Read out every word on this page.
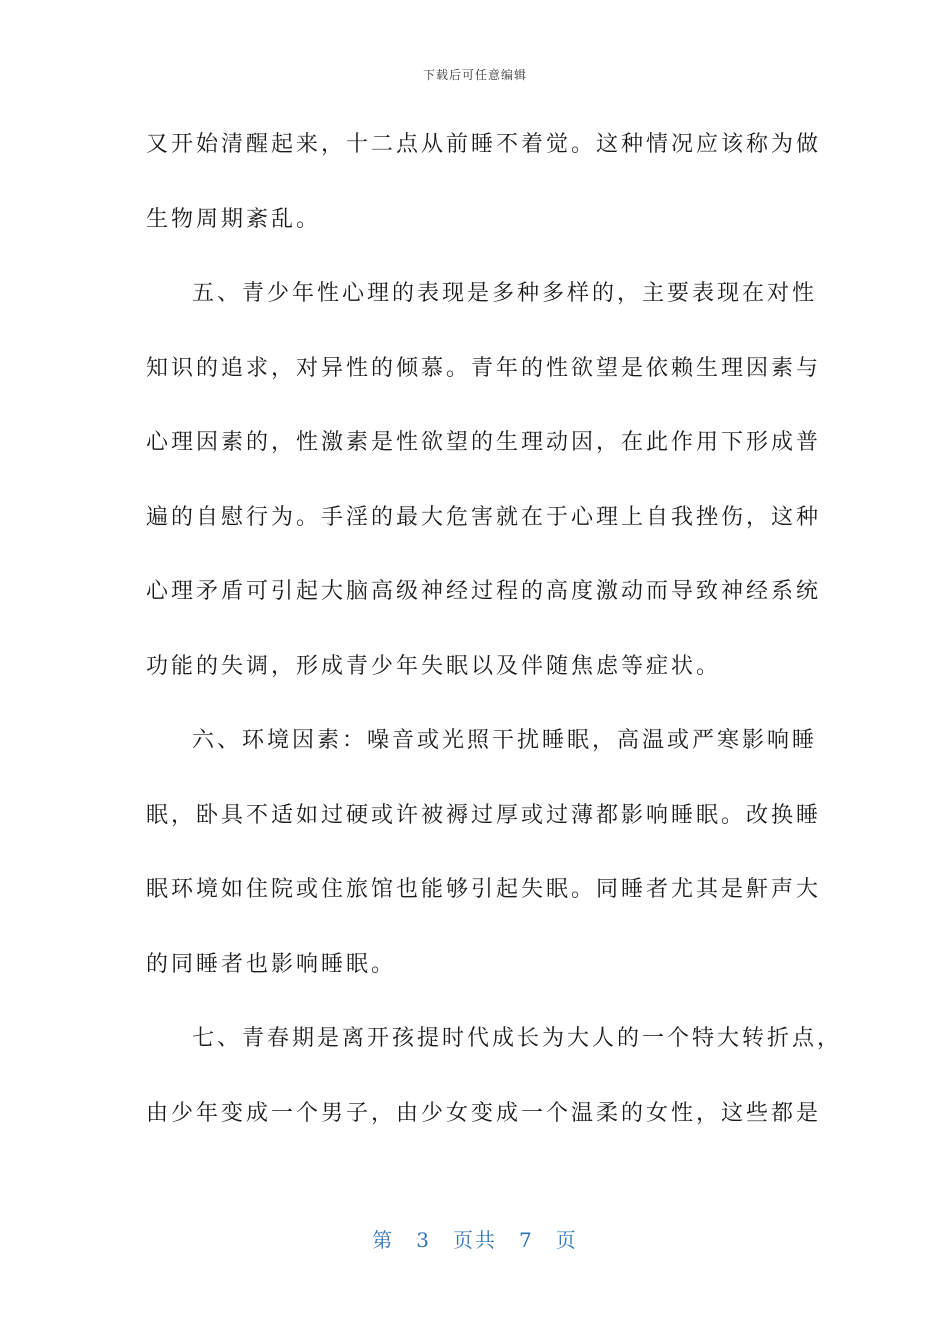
下载后可任意编辑
又开始清醒起来，十二点从前睡不着觉。这种情况应该称为做
生物周期紊乱。
五、青少年性心理的表现是多种多样的，主要表现在对性
知识的追求，对异性的倾慕。青年的性欲望是依赖生理因素与
心理因素的，性激素是性欲望的生理动因，在此作用下形成普
遍的自慰行为。手淫的最大危害就在于心理上自我挫伤，这种
心理矛盾可引起大脑高级神经过程的高度激动而导致神经系统
功能的失调，形成青少年失眠以及伴随焦虑等症状。
六、环境因素：噪音或光照干扰睡眠，高温或严寒影响睡
眠，卧具不适如过硬或许被褥过厚或过薄都影响睡眠。改换睡
眠环境如住院或住旅馆也能够引起失眠。同睡者尤其是鼾声大
的同睡者也影响睡眠。
七、青春期是离开孩提时代成长为大人的一个特大转折点，
由少年变成一个男子，由少女变成一个温柔的女性，这些都是
第 3 页共 7 页
